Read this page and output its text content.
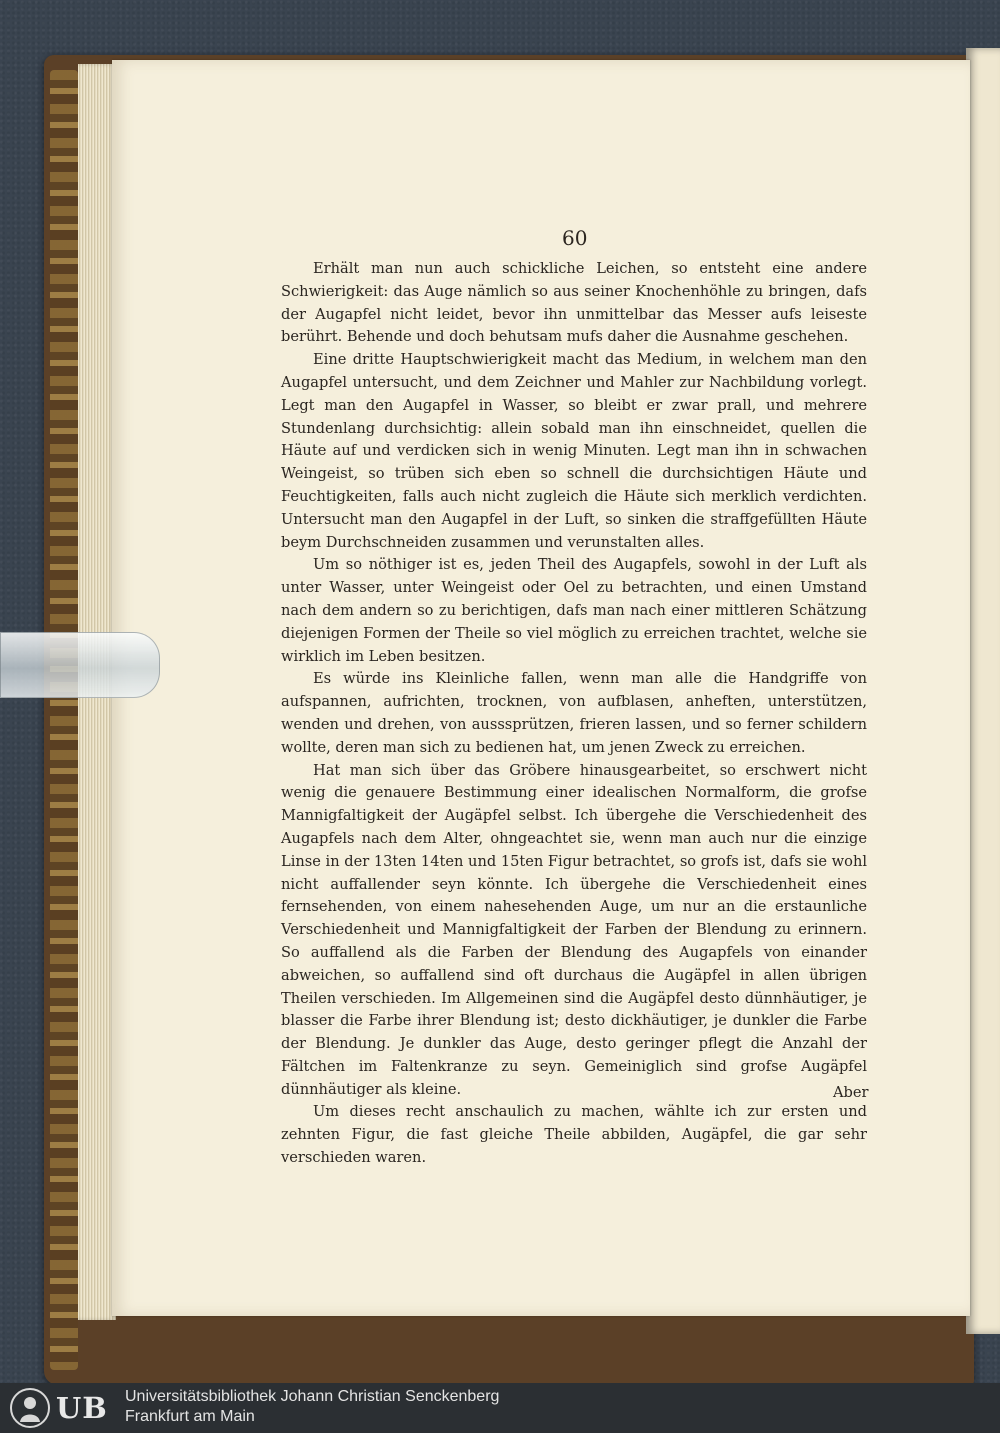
60

Erhält man nun auch schickliche Leichen, so entsteht eine andere Schwierigkeit: das Auge nämlich so aus seiner Knochenhöhle zu bringen, dafs der Augapfel nicht leidet, bevor ihn unmittelbar das Messer aufs leiseste berührt. Behende und doch behutsam mufs daher die Ausnahme geschehen.

Eine dritte Hauptschwierigkeit macht das Medium, in welchem man den Augapfel untersucht, und dem Zeichner und Mahler zur Nachbildung vorlegt. Legt man den Augapfel in Wasser, so bleibt er zwar prall, und mehrere Stundenlang durchsichtig: allein sobald man ihn einschneidet, quellen die Häute auf und verdicken sich in wenig Minuten. Legt man ihn in schwachen Weingeist, so trüben sich eben so schnell die durchsichtigen Häute und Feuchtigkeiten, falls auch nicht zugleich die Häute sich merklich verdichten. Untersucht man den Augapfel in der Luft, so sinken die straffgefüllten Häute beym Durchschneiden zusammen und verunstalten alles.

Um so nöthiger ist es, jeden Theil des Augapfels, sowohl in der Luft als unter Wasser, unter Weingeist oder Oel zu betrachten, und einen Umstand nach dem andern so zu berichtigen, dafs man nach einer mittleren Schätzung diejenigen Formen der Theile so viel möglich zu erreichen trachtet, welche sie wirklich im Leben besitzen.

Es würde ins Kleinliche fallen, wenn man alle die Handgriffe von aufspannen, aufrichten, trocknen, von aufblasen, anheften, unterstützen, wenden und drehen, von ausssprützen, frieren lassen, und so ferner schildern wollte, deren man sich zu bedienen hat, um jenen Zweck zu erreichen.

Hat man sich über das Gröbere hinausgearbeitet, so erschwert nicht wenig die genauere Bestimmung einer idealischen Normalform, die grofse Mannigfaltigkeit der Augäpfel selbst. Ich übergehe die Verschiedenheit des Augapfels nach dem Alter, ohngeachtet sie, wenn man auch nur die einzige Linse in der 13ten 14ten und 15ten Figur betrachtet, so grofs ist, dafs sie wohl nicht auffallender seyn könnte. Ich übergehe die Verschiedenheit eines fernsehenden, von einem nahesehenden Auge, um nur an die erstaunliche Verschiedenheit und Mannigfaltigkeit der Farben der Blendung zu erinnern. So auffallend als die Farben der Blendung des Augapfels von einander abweichen, so auffallend sind oft durchaus die Augäpfel in allen übrigen Theilen verschieden. Im Allgemeinen sind die Augäpfel desto dünnhäutiger, je blasser die Farbe ihrer Blendung ist; desto dickhäutiger, je dunkler die Farbe der Blendung. Je dunkler das Auge, desto geringer pflegt die Anzahl der Fältchen im Faltenkranze zu seyn. Gemeiniglich sind grofse Augäpfel dünnhäutiger als kleine.

Um dieses recht anschaulich zu machen, wählte ich zur ersten und zehnten Figur, die fast gleiche Theile abbilden, Augäpfel, die gar sehr verschieden waren.

Aber
UB Universitätsbibliothek Johann Christian Senckenberg
Frankfurt am Main
